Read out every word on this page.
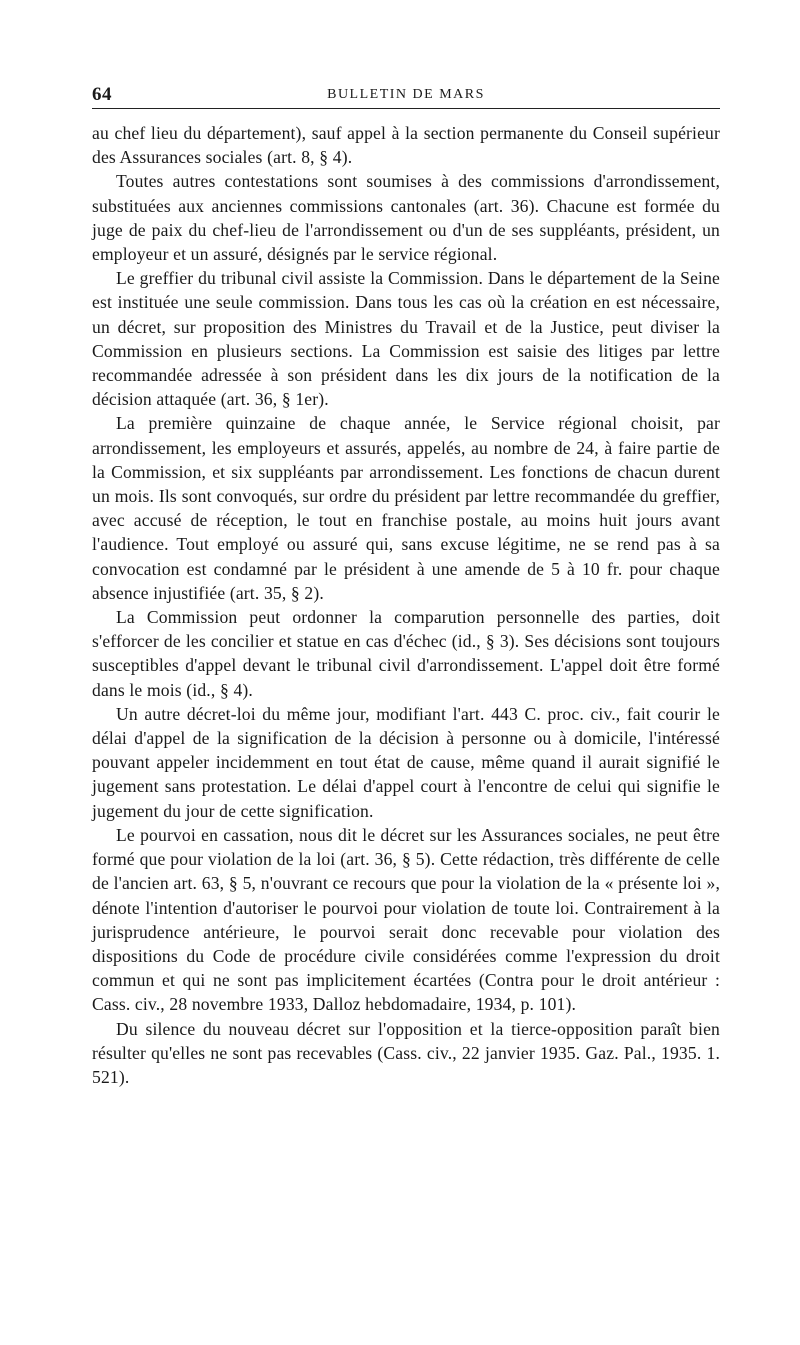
64	BULLETIN DE MARS

au chef lieu du département), sauf appel à la section permanente du Conseil supérieur des Assurances sociales (art. 8, § 4).

Toutes autres contestations sont soumises à des commissions d'arrondissement, substituées aux anciennes commissions cantonales (art. 36). Chacune est formée du juge de paix du chef-lieu de l'arrondissement ou d'un de ses suppléants, président, un employeur et un assuré, désignés par le service régional.

Le greffier du tribunal civil assiste la Commission. Dans le département de la Seine est instituée une seule commission. Dans tous les cas où la création en est nécessaire, un décret, sur proposition des Ministres du Travail et de la Justice, peut diviser la Commission en plusieurs sections. La Commission est saisie des litiges par lettre recommandée adressée à son président dans les dix jours de la notification de la décision attaquée (art. 36, § 1er).

La première quinzaine de chaque année, le Service régional choisit, par arrondissement, les employeurs et assurés, appelés, au nombre de 24, à faire partie de la Commission, et six suppléants par arrondissement. Les fonctions de chacun durent un mois. Ils sont convoqués, sur ordre du président par lettre recommandée du greffier, avec accusé de réception, le tout en franchise postale, au moins huit jours avant l'audience. Tout employé ou assuré qui, sans excuse légitime, ne se rend pas à sa convocation est condamné par le président à une amende de 5 à 10 fr. pour chaque absence injustifiée (art. 35, § 2).

La Commission peut ordonner la comparution personnelle des parties, doit s'efforcer de les concilier et statue en cas d'échec (id., § 3). Ses décisions sont toujours susceptibles d'appel devant le tribunal civil d'arrondissement. L'appel doit être formé dans le mois (id., § 4).

Un autre décret-loi du même jour, modifiant l'art. 443 C. proc. civ., fait courir le délai d'appel de la signification de la décision à personne ou à domicile, l'intéressé pouvant appeler incidemment en tout état de cause, même quand il aurait signifié le jugement sans protestation. Le délai d'appel court à l'encontre de celui qui signifie le jugement du jour de cette signification.

Le pourvoi en cassation, nous dit le décret sur les Assurances sociales, ne peut être formé que pour violation de la loi (art. 36, § 5). Cette rédaction, très différente de celle de l'ancien art. 63, § 5, n'ouvrant ce recours que pour la violation de la « présente loi », dénote l'intention d'autoriser le pourvoi pour violation de toute loi. Contrairement à la jurisprudence antérieure, le pourvoi serait donc recevable pour violation des dispositions du Code de procédure civile considérées comme l'expression du droit commun et qui ne sont pas implicitement écartées (Contra pour le droit antérieur : Cass. civ., 28 novembre 1933, Dalloz hebdomadaire, 1934, p. 101).

Du silence du nouveau décret sur l'opposition et la tierce-opposition paraît bien résulter qu'elles ne sont pas recevables (Cass. civ., 22 janvier 1935. Gaz. Pal., 1935. 1. 521).
